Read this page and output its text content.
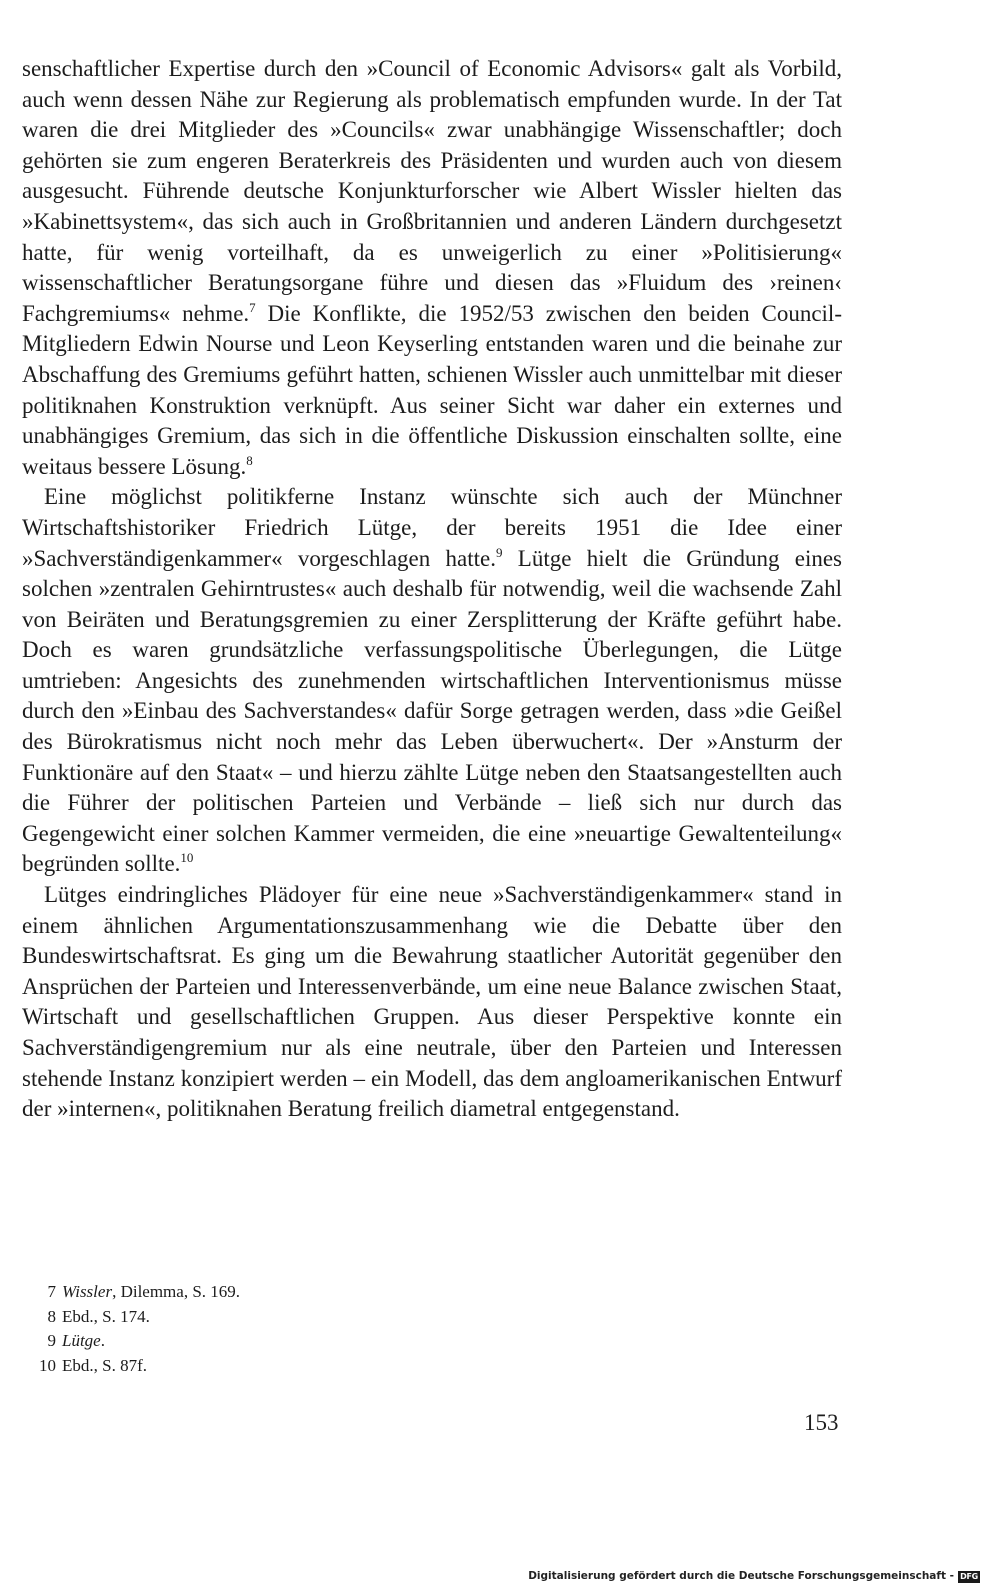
senschaftlicher Expertise durch den »Council of Economic Advisors« galt als Vorbild, auch wenn dessen Nähe zur Regierung als problematisch empfunden wurde. In der Tat waren die drei Mitglieder des »Councils« zwar unabhängige Wissenschaftler; doch gehörten sie zum engeren Beraterkreis des Präsidenten und wurden auch von diesem ausgesucht. Führende deutsche Konjunkturforscher wie Albert Wissler hielten das »Kabinettsystem«, das sich auch in Großbritannien und anderen Ländern durchgesetzt hatte, für wenig vorteilhaft, da es unweigerlich zu einer »Politisierung« wissenschaftlicher Beratungsorgane führe und diesen das »Fluidum des ›reinen‹ Fachgremiums« nehme.$^7$ Die Konflikte, die 1952/53 zwischen den beiden Council-Mitgliedern Edwin Nourse und Leon Keyserling entstanden waren und die beinahe zur Abschaffung des Gremiums geführt hatten, schienen Wissler auch unmittelbar mit dieser politiknahen Konstruktion verknüpft. Aus seiner Sicht war daher ein externes und unabhängiges Gremium, das sich in die öffentliche Diskussion einschalten sollte, eine weitaus bessere Lösung.$^8$

Eine möglichst politikferne Instanz wünschte sich auch der Münchner Wirtschaftshistoriker Friedrich Lütge, der bereits 1951 die Idee einer »Sachverständigenkammer« vorgeschlagen hatte.$^9$ Lütge hielt die Gründung eines solchen »zentralen Gehirntrustes« auch deshalb für notwendig, weil die wachsende Zahl von Beiräten und Beratungsgremien zu einer Zersplitterung der Kräfte geführt habe. Doch es waren grundsätzliche verfassungspolitische Überlegungen, die Lütge umtrieben: Angesichts des zunehmenden wirtschaftlichen Interventionismus müsse durch den »Einbau des Sachverstandes« dafür Sorge getragen werden, dass »die Geißel des Bürokratismus nicht noch mehr das Leben überwuchert«. Der »Ansturm der Funktionäre auf den Staat« – und hierzu zählte Lütge neben den Staatsangestellten auch die Führer der politischen Parteien und Verbände – ließ sich nur durch das Gegengewicht einer solchen Kammer vermeiden, die eine »neuartige Gewaltenteilung« begründen sollte.$^{10}$

Lütges eindringliches Plädoyer für eine neue »Sachverständigenkammer« stand in einem ähnlichen Argumentationszusammenhang wie die Debatte über den Bundeswirtschaftsrat. Es ging um die Bewahrung staatlicher Autorität gegenüber den Ansprüchen der Parteien und Interessenverbände, um eine neue Balance zwischen Staat, Wirtschaft und gesellschaftlichen Gruppen. Aus dieser Perspektive konnte ein Sachverständigengremium nur als eine neutrale, über den Parteien und Interessen stehende Instanz konzipiert werden – ein Modell, das dem angloamerikanischen Entwurf der »internen«, politiknahen Beratung freilich diametral entgegenstand.

7 Wissler, Dilemma, S. 169.
8 Ebd., S. 174.
9 Lütge.
10 Ebd., S. 87f.
153
Digitalisierung gefördert durch die Deutsche Forschungsgemeinschaft - DFG
